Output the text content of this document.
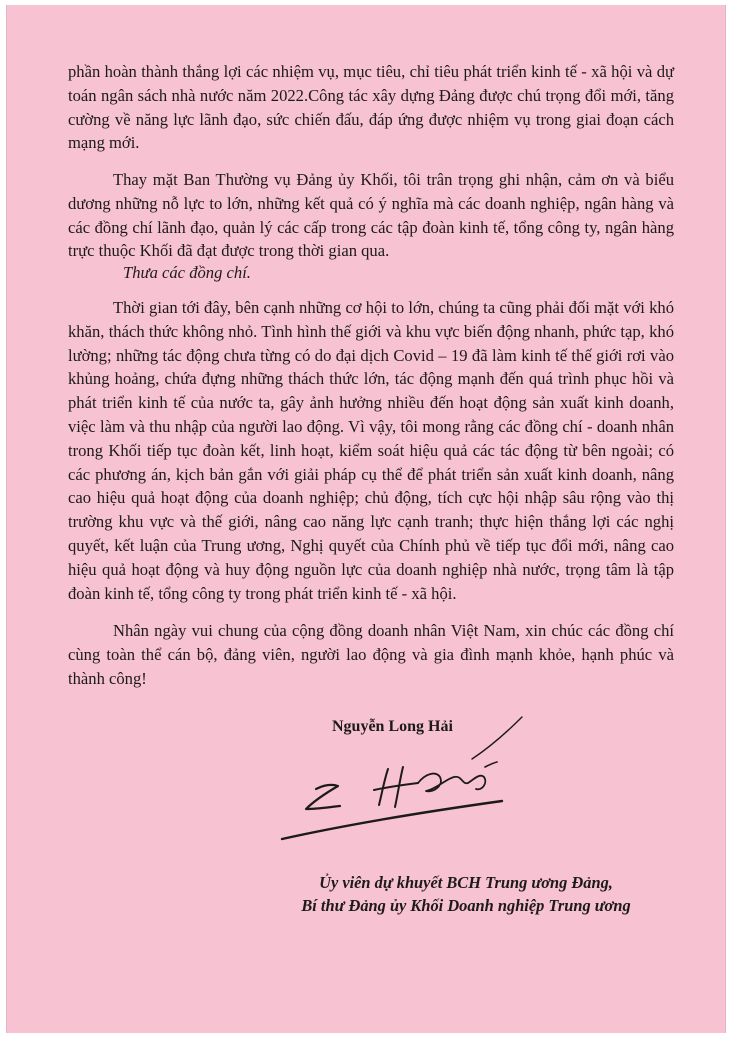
phần hoàn thành thắng lợi các nhiệm vụ, mục tiêu, chỉ tiêu phát triển kinh tế - xã hội và dự toán ngân sách nhà nước năm 2022.Công tác xây dựng Đảng được chú trọng đổi mới, tăng cường về năng lực lãnh đạo, sức chiến đấu, đáp ứng được nhiệm vụ trong giai đoạn cách mạng mới.

Thay mặt Ban Thường vụ Đảng ủy Khối, tôi trân trọng ghi nhận, cảm ơn và biểu dương những nỗ lực to lớn, những kết quả có ý nghĩa mà các doanh nghiệp, ngân hàng và các đồng chí lãnh đạo, quản lý các cấp trong các tập đoàn kinh tế, tổng công ty, ngân hàng trực thuộc Khối đã đạt được trong thời gian qua.

Thưa các đồng chí.

Thời gian tới đây, bên cạnh những cơ hội to lớn, chúng ta cũng phải đối mặt với khó khăn, thách thức không nhỏ. Tình hình thế giới và khu vực biến động nhanh, phức tạp, khó lường; những tác động chưa từng có do đại dịch Covid – 19 đã làm kinh tế thế giới rơi vào khủng hoảng, chứa đựng những thách thức lớn, tác động mạnh đến quá trình phục hồi và phát triển kinh tế của nước ta, gây ảnh hưởng nhiều đến hoạt động sản xuất kinh doanh, việc làm và thu nhập của người lao động. Vì vậy, tôi mong rằng các đồng chí - doanh nhân trong Khối tiếp tục đoàn kết, linh hoạt, kiểm soát hiệu quả các tác động từ bên ngoài; có các phương án, kịch bản gắn với giải pháp cụ thể để phát triển sản xuất kinh doanh, nâng cao hiệu quả hoạt động của doanh nghiệp; chủ động, tích cực hội nhập sâu rộng vào thị trường khu vực và thế giới, nâng cao năng lực cạnh tranh; thực hiện thắng lợi các nghị quyết, kết luận của Trung ương, Nghị quyết của Chính phủ về tiếp tục đổi mới, nâng cao hiệu quả hoạt động và huy động nguồn lực của doanh nghiệp nhà nước, trọng tâm là tập đoàn kinh tế, tổng công ty trong phát triển kinh tế - xã hội.

Nhân ngày vui chung của cộng đồng doanh nhân Việt Nam, xin chúc các đồng chí cùng toàn thể cán bộ, đảng viên, người lao động và gia đình mạnh khỏe, hạnh phúc và thành công!

Nguyễn Long Hải
Ủy viên dự khuyết BCH Trung ương Đảng,
Bí thư Đảng ủy Khối Doanh nghiệp Trung ương
